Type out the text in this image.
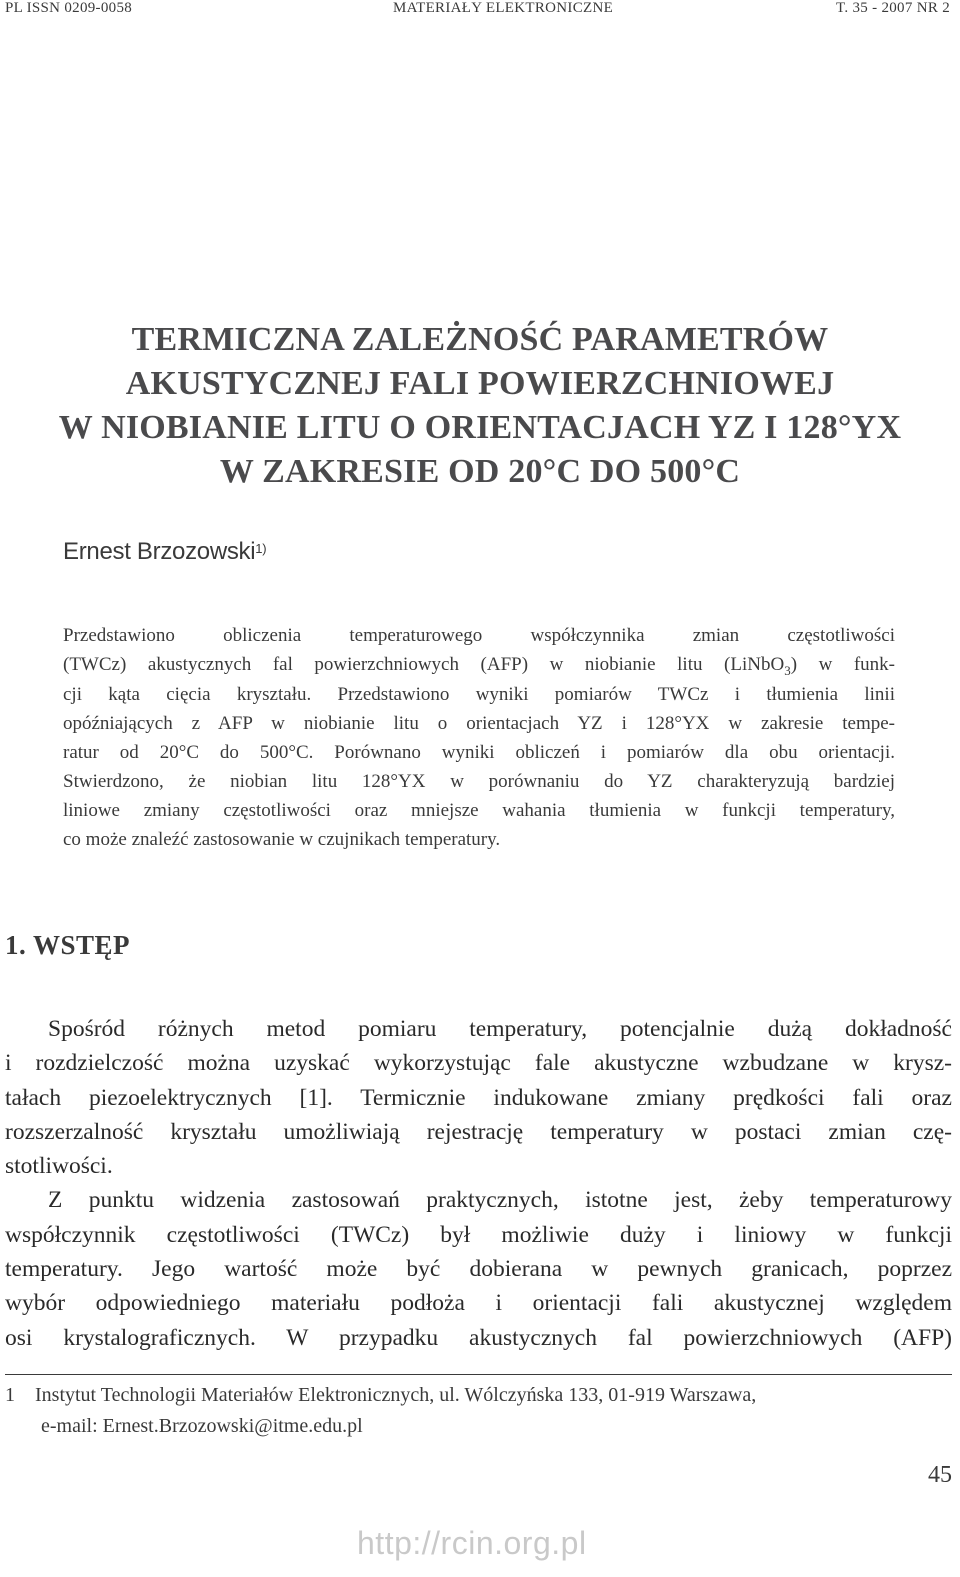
PL ISSN 0209-0058	MATERIAŁY ELEKTRONICZNE	T. 35 - 2007 NR 2
TERMICZNA ZALEŻNOŚĆ PARAMETRÓW
AKUSTYCZNEJ FALI POWIERZCHNIOWEJ
W NIOBIANIE LITU O ORIENTACJACH YZ I 128°YX
W ZAKRESIE OD 20°C DO 500°C
Ernest Brzozowski$^{1)}$
Przedstawiono obliczenia temperaturowego współczynnika zmian częstotliwości
(TWCz) akustycznych fal powierzchniowych (AFP) w niobianie litu (LiNbO$_3$) w funk-
cji kąta cięcia kryształu. Przedstawiono wyniki pomiarów TWCz i tłumienia linii
opóźniających z AFP w niobianie litu o orientacjach YZ i 128°YX w zakresie tempe-
ratur od 20°C do 500°C. Porównano wyniki obliczeń i pomiarów dla obu orientacji.
Stwierdzono, że niobian litu 128°YX w porównaniu do YZ charakteryzują bardziej
liniowe zmiany częstotliwości oraz mniejsze wahania tłumienia w funkcji temperatury,
co może znaleźć zastosowanie w czujnikach temperatury.
1. WSTĘP
Spośród różnych metod pomiaru temperatury, potencjalnie dużą dokładność
i rozdzielczość można uzyskać wykorzystując fale akustyczne wzbudzane w krysz-
tałach piezoelektrycznych [1]. Termicznie indukowane zmiany prędkości fali oraz
rozszerzalność kryształu umożliwiają rejestrację temperatury w postaci zmian czę-
stotliwości.
Z punktu widzenia zastosowań praktycznych, istotne jest, żeby temperaturowy
współczynnik częstotliwości (TWCz) był możliwie duży i liniowy w funkcji
temperatury. Jego wartość może być dobierana w pewnych granicach, poprzez
wybór odpowiedniego materiału podłoża i orientacji fali akustycznej względem
osi krystalograficznych. W przypadku akustycznych fal powierzchniowych (AFP)
1	Instytut Technologii Materiałów Elektronicznych, ul. Wólczyńska 133, 01-919 Warszawa,
e-mail: Ernest.Brzozowski@itme.edu.pl
45
http://rcin.org.pl
